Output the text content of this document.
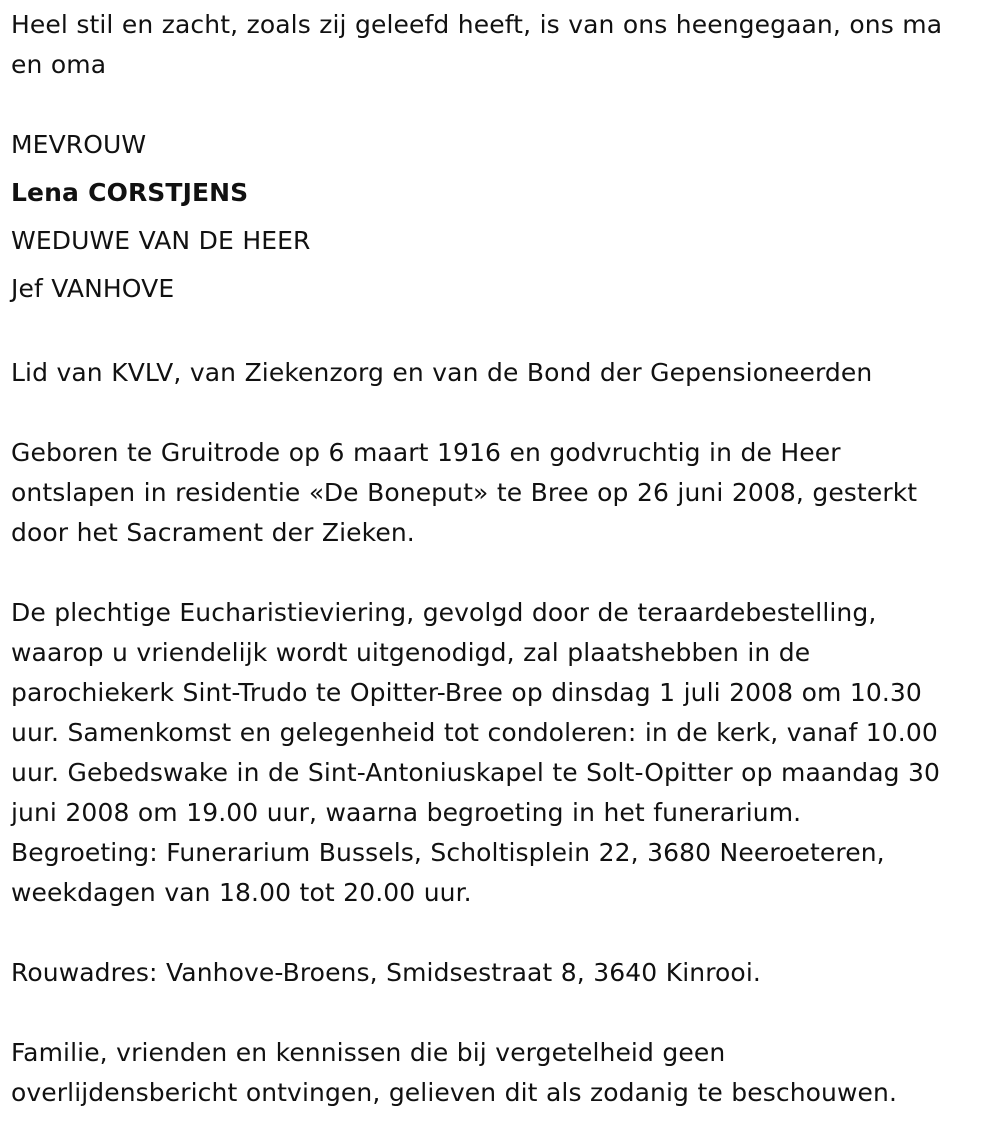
Heel stil en zacht, zoals zij geleefd heeft, is van ons heengegaan, ons ma
en oma
MEVROUW
Lena CORSTJENS
WEDUWE VAN DE HEER
Jef VANHOVE
Lid van KVLV, van Ziekenzorg en van de Bond der Gepensioneerden
Geboren te Gruitrode op 6 maart 1916 en godvruchtig in de Heer
ontslapen in residentie «De Boneput» te Bree op 26 juni 2008, gesterkt
door het Sacrament der Zieken.
De plechtige Eucharistieviering, gevolgd door de teraardebestelling,
waarop u vriendelijk wordt uitgenodigd, zal plaatshebben in de
parochiekerk Sint-Trudo te Opitter-Bree op dinsdag 1 juli 2008 om 10.30
uur. Samenkomst en gelegenheid tot condoleren: in de kerk, vanaf 10.00
uur. Gebedswake in de Sint-Antoniuskapel te Solt-Opitter op maandag 30
juni 2008 om 19.00 uur, waarna begroeting in het funerarium.
Begroeting: Funerarium Bussels, Scholtisplein 22, 3680 Neeroeteren,
weekdagen van 18.00 tot 20.00 uur.
Rouwadres: Vanhove-Broens, Smidsestraat 8, 3640 Kinrooi.
Familie, vrienden en kennissen die bij vergetelheid geen
overlijdensbericht ontvingen, gelieven dit als zodanig te beschouwen.
